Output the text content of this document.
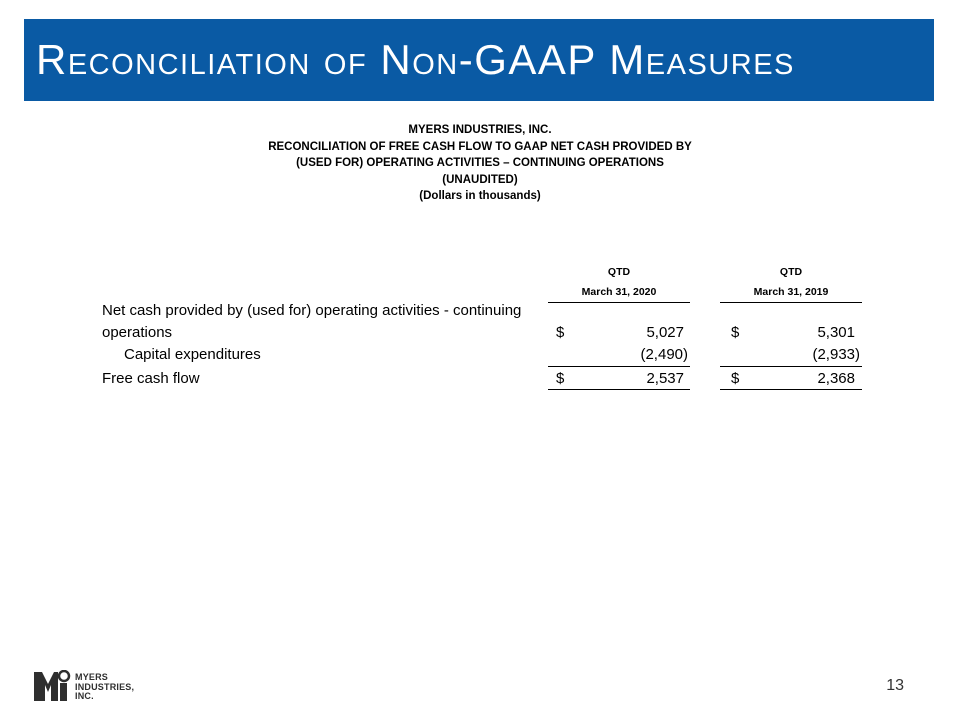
Reconciliation of Non-GAAP Measures
MYERS INDUSTRIES, INC.
RECONCILIATION OF FREE CASH FLOW TO GAAP NET CASH PROVIDED BY
(USED FOR) OPERATING ACTIVITIES – CONTINUING OPERATIONS
(UNAUDITED)
(Dollars in thousands)
QTD
March 31, 2020
QTD
March 31, 2019
Net cash provided by (used for) operating activities - continuing
operations	$	5,027	$	5,301
Capital expenditures	(2,490)	(2,933)
Free cash flow	$	2,537	$	2,368
MYERS
INDUSTRIES,
INC.
13
